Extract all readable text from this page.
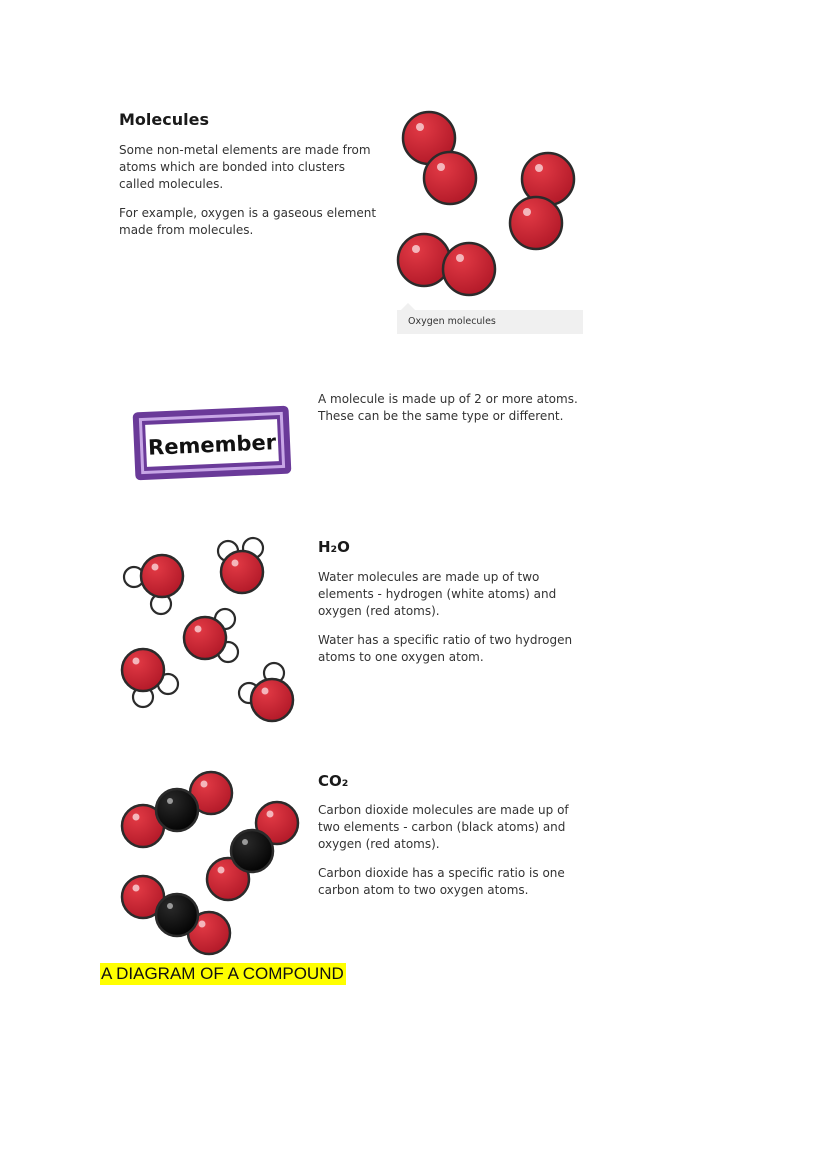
Molecules

Some non-metal elements are made from atoms which are bonded into clusters called molecules.

For example, oxygen is a gaseous element made from molecules.

Oxygen molecules
Remember

A molecule is made up of 2 or more atoms. These can be the same type or different.

H₂O

Water molecules are made up of two elements - hydrogen (white atoms) and oxygen (red atoms).

Water has a specific ratio of two hydrogen atoms to one oxygen atom.

CO₂

Carbon dioxide molecules are made up of two elements - carbon (black atoms) and oxygen (red atoms).

Carbon dioxide has a specific ratio is one carbon atom to two oxygen atoms.

A DIAGRAM OF A COMPOUND
